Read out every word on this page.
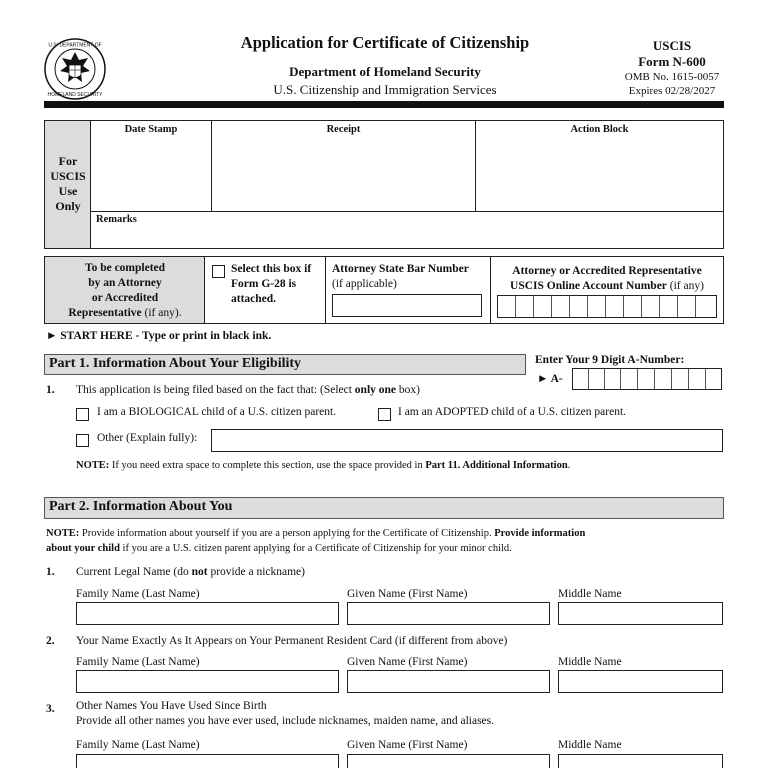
U.S. DEPARTMENT OF
HOMELAND SECURITY
Application for Certificate of Citizenship
Department of Homeland Security
U.S. Citizenship and Immigration Services
USCIS
Form N-600
OMB No. 1615-0057
Expires 02/28/2027
For USCIS Use Only
Date Stamp	Receipt	Action Block
Remarks
To be completed
by an Attorney
or Accredited
Representative (if any).
Select this box if
Form G-28 is
attached.
Attorney State Bar Number
(if applicable)
Attorney or Accredited Representative
USCIS Online Account Number (if any)
► START HERE - Type or print in black ink.
Part 1. Information About Your Eligibility	Enter Your 9 Digit A-Number:
► A-
1. This application is being filed based on the fact that: (Select only one box)
I am a BIOLOGICAL child of a U.S. citizen parent.	I am an ADOPTED child of a U.S. citizen parent.
Other (Explain fully):
NOTE: If you need extra space to complete this section, use the space provided in Part 11. Additional Information.
Part 2. Information About You
NOTE: Provide information about yourself if you are a person applying for the Certificate of Citizenship. Provide information
about your child if you are a U.S. citizen parent applying for a Certificate of Citizenship for your minor child.
1. Current Legal Name (do not provide a nickname)
Family Name (Last Name)	Given Name (First Name)	Middle Name
2. Your Name Exactly As It Appears on Your Permanent Resident Card (if different from above)
Family Name (Last Name)	Given Name (First Name)	Middle Name
3. Other Names You Have Used Since Birth
Provide all other names you have ever used, include nicknames, maiden name, and aliases.
Family Name (Last Name)	Given Name (First Name)	Middle Name
